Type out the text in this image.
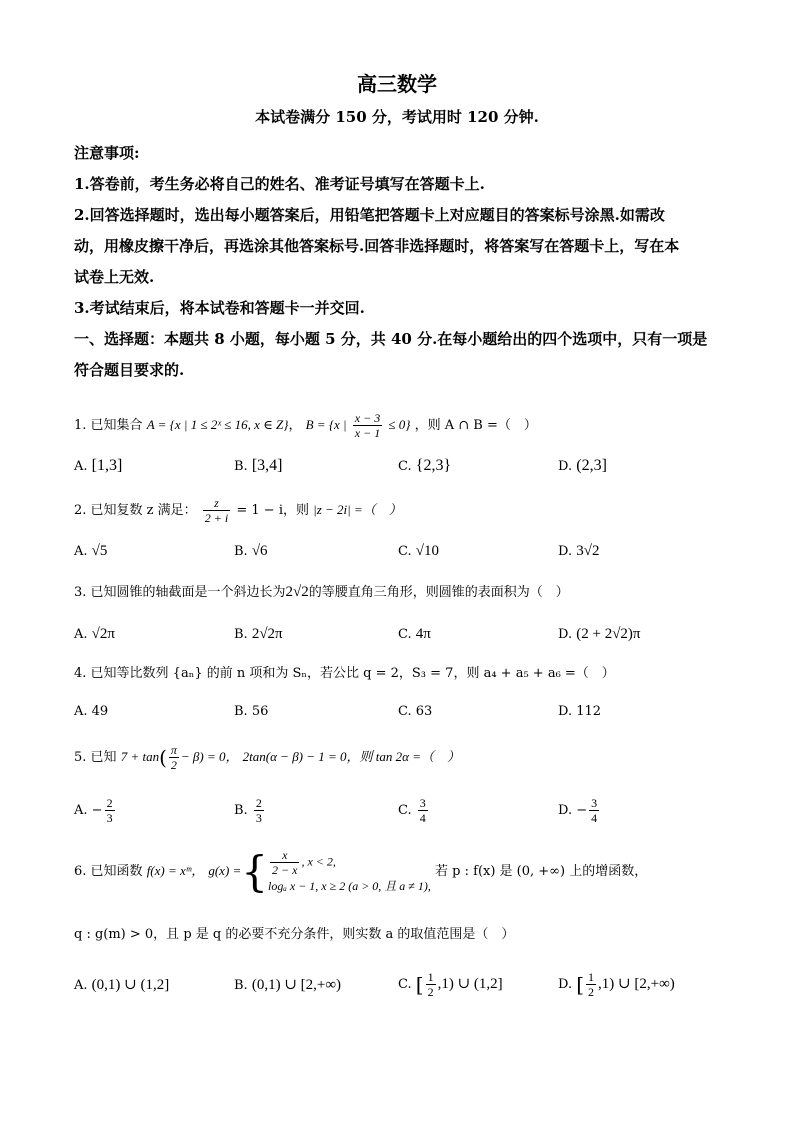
高三数学
本试卷满分 150 分，考试用时 120 分钟.
注意事项:
1.答卷前，考生务必将自己的姓名、准考证号填写在答题卡上.
2.回答选择题时，选出每小题答案后，用铅笔把答题卡上对应题目的答案标号涂黑.如需改
动，用橡皮擦干净后，再选涂其他答案标号.回答非选择题时，将答案写在答题卡上，写在本
试卷上无效.
3.考试结束后，将本试卷和答题卡一并交回.
一、选择题：本题共 8 小题，每小题 5 分，共 40 分.在每小题给出的四个选项中，只有一项是
符合题目要求的.
1. 已知集合 A = {x | 1 ≤ 2ˣ ≤ 16, x ∈ Z}， B = {x | $\frac{x - 3}{x - 1} \le 0$} ，则 A ∩ B =（　）
A. [1,3]	B. [3,4]	C. {2,3}	D. (2,3]
2. 已知复数 z 满足： $\frac{z}{2 + i} = 1 - i$，则 |z − 2i| =（　）
A. √5	B. √6	C. √10	D. 3√2
3. 已知圆锥的轴截面是一个斜边长为2√2的等腰直角三角形，则圆锥的表面积为（　）
A. √2π	B. 2√2π	C. 4π	D. (2 + 2√2)π
4. 已知等比数列 {aₙ} 的前 n 项和为 Sₙ，若公比 q = 2，S₃ = 7，则 a₄ + a₅ + a₆ =（　）
A. 49	B. 56	C. 63	D. 112
5. 已知 $7 + \tan( \frac{\pi}{2} - \beta) = 0$， 2tan(α − β) − 1 = 0，则 tan 2α =（　）
A. − $\frac{2}{3}$	B. $\frac{2}{3}$	C. $\frac{3}{4}$	D. − $\frac{3}{4}$
6. 已知函数 f(x) = xᵐ， g(x) ={ $\frac{x}{2 - x}$ , x < 2,
logₐ x − 1, x ≥ 2 (a > 0, 且 a ≠ 1),
若 p : f(x) 是 (0, +∞) 上的增函数，
q : g(m) > 0，且 p 是 q 的必要不充分条件，则实数 a 的取值范围是（　）
A. (0,1) ∪ (1,2]	B. (0,1) ∪ [2,+∞)	C. [ $\frac{1}{2} ,1$) ∪ (1,2]	D. [ $\frac{1}{2} ,1$) ∪ [2,+∞)
